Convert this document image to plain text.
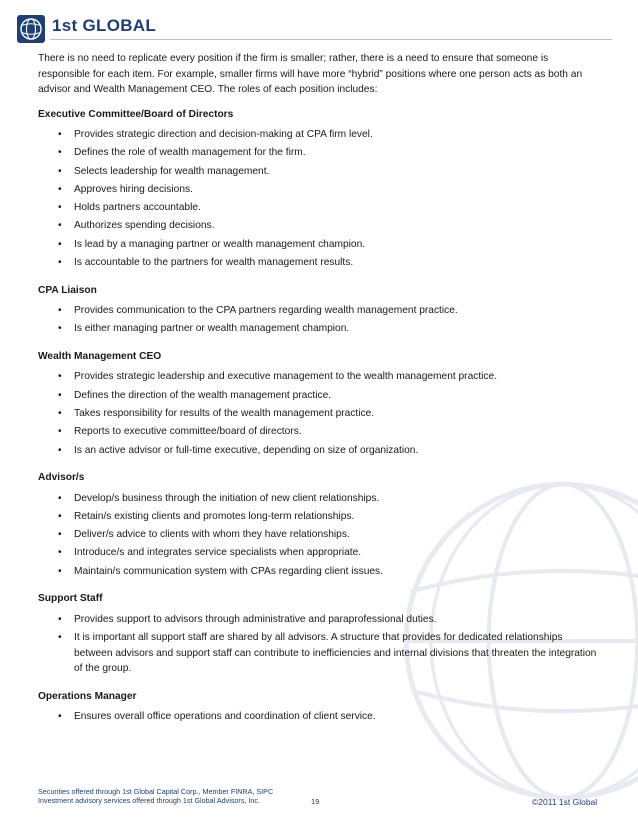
1st GLOBAL

There is no need to replicate every position if the firm is smaller; rather, there is a need to ensure that someone is responsible for each item. For example, smaller firms will have more “hybrid” positions where one person acts as both an advisor and Wealth Management CEO. The roles of each position includes:

Executive Committee/Board of Directors
• Provides strategic direction and decision-making at CPA firm level.
• Defines the role of wealth management for the firm.
• Selects leadership for wealth management.
• Approves hiring decisions.
• Holds partners accountable.
• Authorizes spending decisions.
• Is lead by a managing partner or wealth management champion.
• Is accountable to the partners for wealth management results.
CPA Liaison
• Provides communication to the CPA partners regarding wealth management practice.
• Is either managing partner or wealth management champion.
Wealth Management CEO
• Provides strategic leadership and executive management to the wealth management practice.
• Defines the direction of the wealth management practice.
• Takes responsibility for results of the wealth management practice.
• Reports to executive committee/board of directors.
• Is an active advisor or full-time executive, depending on size of organization.
Advisor/s
• Develop/s business through the initiation of new client relationships.
• Retain/s existing clients and promotes long-term relationships.
• Deliver/s advice to clients with whom they have relationships.
• Introduce/s and integrates service specialists when appropriate.
• Maintain/s communication system with CPAs regarding client issues.
Support Staff
• Provides support to advisors through administrative and paraprofessional duties.
• It is important all support staff are shared by all advisors. A structure that provides for dedicated relationships between advisors and support staff can contribute to inefficiencies and internal divisions that threaten the integration of the group.
Operations Manager
• Ensures overall office operations and coordination of client service.
Securities offered through 1st Global Capital Corp., Member FINRA, SIPC
Investment advisory services offered through 1st Global Advisors, Inc.	19	©2011 1st Global
